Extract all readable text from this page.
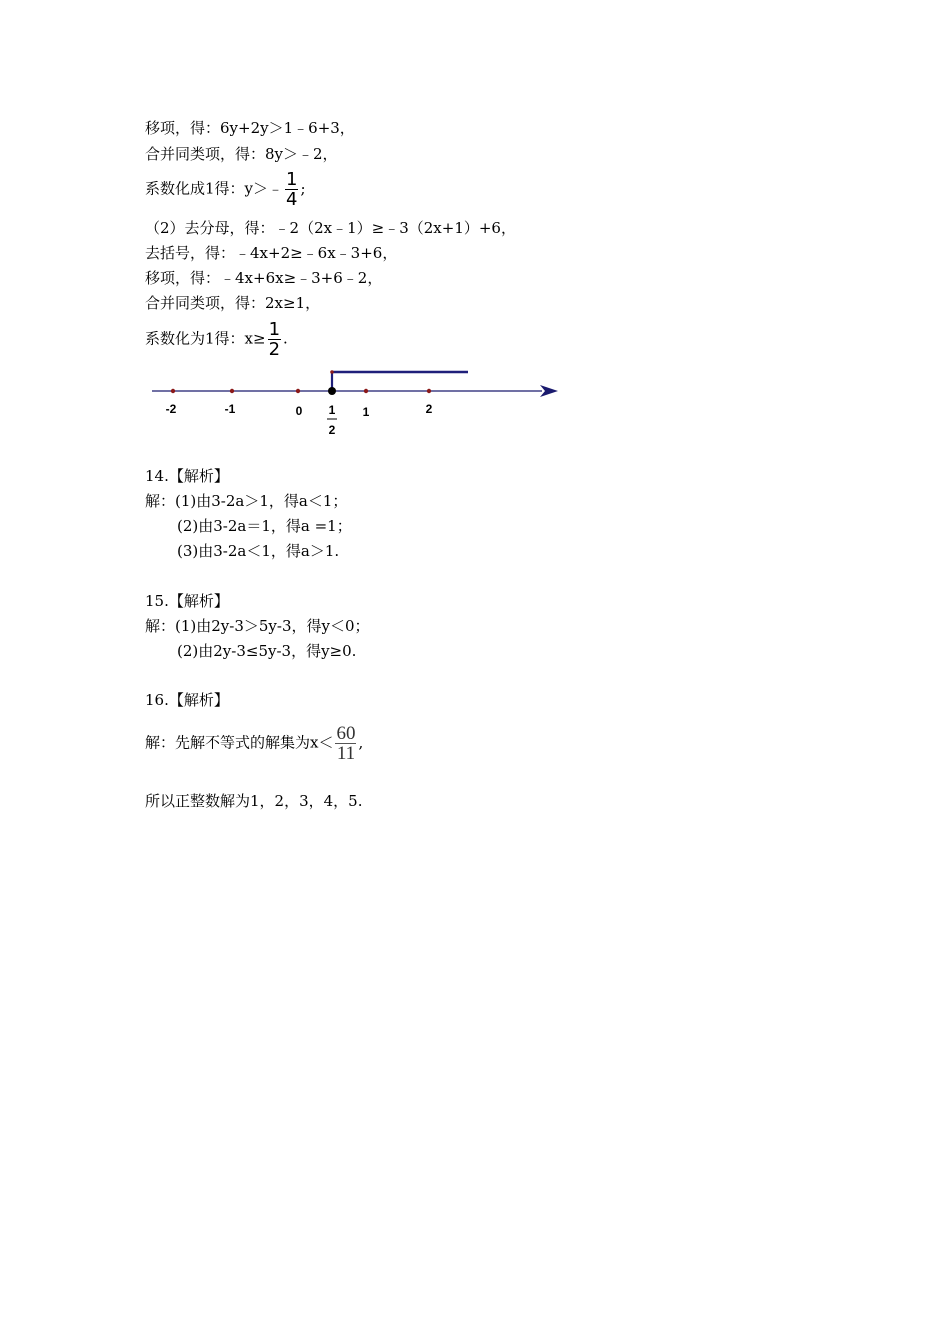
移项，得：6y+2y＞1﹣6+3，
合并同类项，得：8y＞﹣2，
系数化成1得：y＞﹣ $\frac{1}{4}$ ;
（2）去分母，得：﹣2（2x﹣1）≥﹣3（2x+1）+6，
去括号，得：﹣4x+2≥﹣6x﹣3+6，
移项，得：﹣4x+6x≥﹣3+6﹣2，
合并同类项，得：2x≥1，
系数化为1得：$x\ge \frac{1}{2}$ .
-2	-1	0	1	2
1
2
14.【解析】
解：(1)由3-2a＞1，得a＜1；
(2)由3-2a＝1，得a =1；
(3)由3-2a＜1，得a＞1.
15.【解析】
解：(1)由2y-3＞5y-3，得y＜0；
(2)由2y-3≤5y-3，得y≥0.
16.【解析】
解：先解不等式的解集为$x< \frac{60}{11}$ ,
所以正整数解为1，2，3，4，5.
